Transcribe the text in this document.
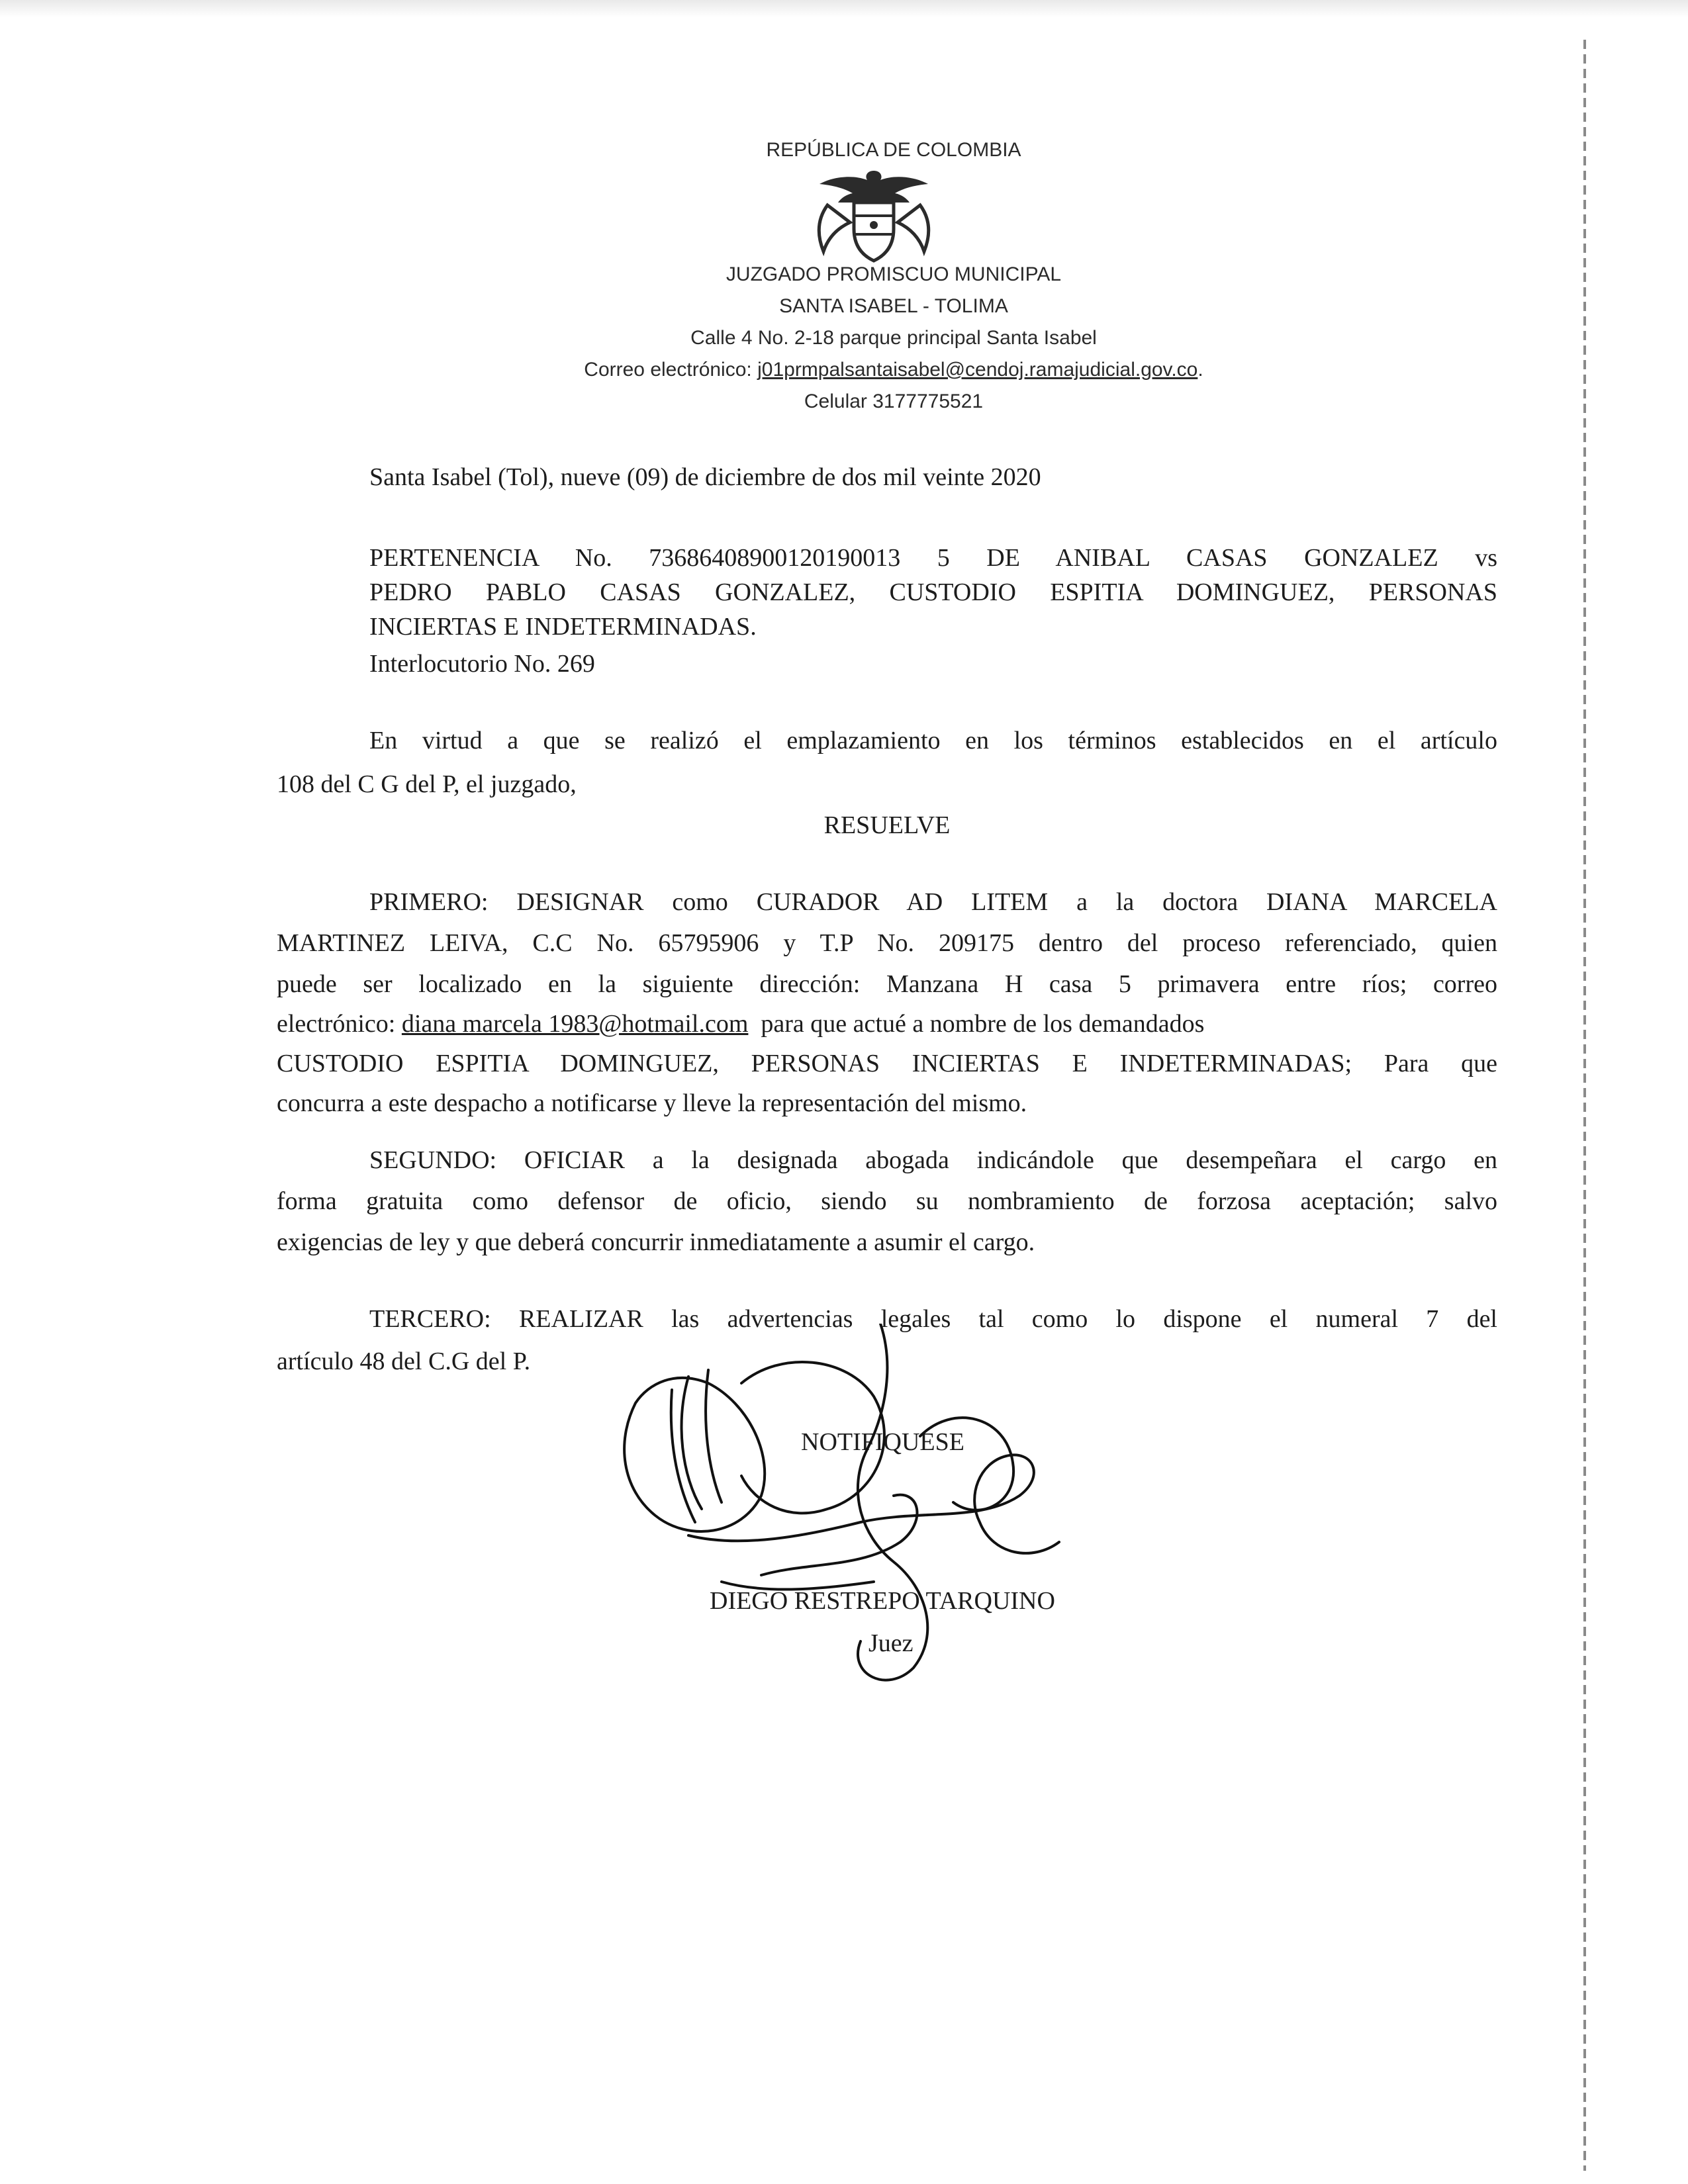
REPÚBLICA DE COLOMBIA
JUZGADO PROMISCUO MUNICIPAL
SANTA ISABEL - TOLIMA
Calle 4 No. 2-18 parque principal Santa Isabel
Correo electrónico: j01prmpalsantaisabel@cendoj.ramajudicial.gov.co.
Celular 3177775521
Santa Isabel (Tol), nueve (09) de diciembre de dos mil veinte 2020
PERTENENCIA No. 73686408900120190013 5 DE ANIBAL CASAS GONZALEZ vs
PEDRO PABLO CASAS GONZALEZ, CUSTODIO ESPITIA DOMINGUEZ, PERSONAS
INCIERTAS E INDETERMINADAS.
Interlocutorio No. 269
En virtud a que se realizó el emplazamiento en los términos establecidos en el artículo
108 del C G del P, el juzgado,
RESUELVE
PRIMERO: DESIGNAR como CURADOR AD LITEM a la doctora DIANA MARCELA
MARTINEZ LEIVA, C.C No. 65795906 y T.P No. 209175 dentro del proceso referenciado, quien
puede ser localizado en la siguiente dirección: Manzana H casa 5 primavera entre ríos; correo
electrónico: diana marcela 1983@hotmail.com  para que actué a nombre de los demandados
CUSTODIO ESPITIA DOMINGUEZ, PERSONAS INCIERTAS E INDETERMINADAS; Para que
concurra a este despacho a notificarse y lleve la representación del mismo.
SEGUNDO: OFICIAR a la designada abogada indicándole que desempeñara el cargo en
forma gratuita como defensor de oficio, siendo su nombramiento de forzosa aceptación; salvo
exigencias de ley y que deberá concurrir inmediatamente a asumir el cargo.
TERCERO: REALIZAR las advertencias legales tal como lo dispone el numeral 7 del
artículo 48 del C.G del P.
NOTIFIQUESE
DIEGO RESTREPO TARQUINO
Juez
